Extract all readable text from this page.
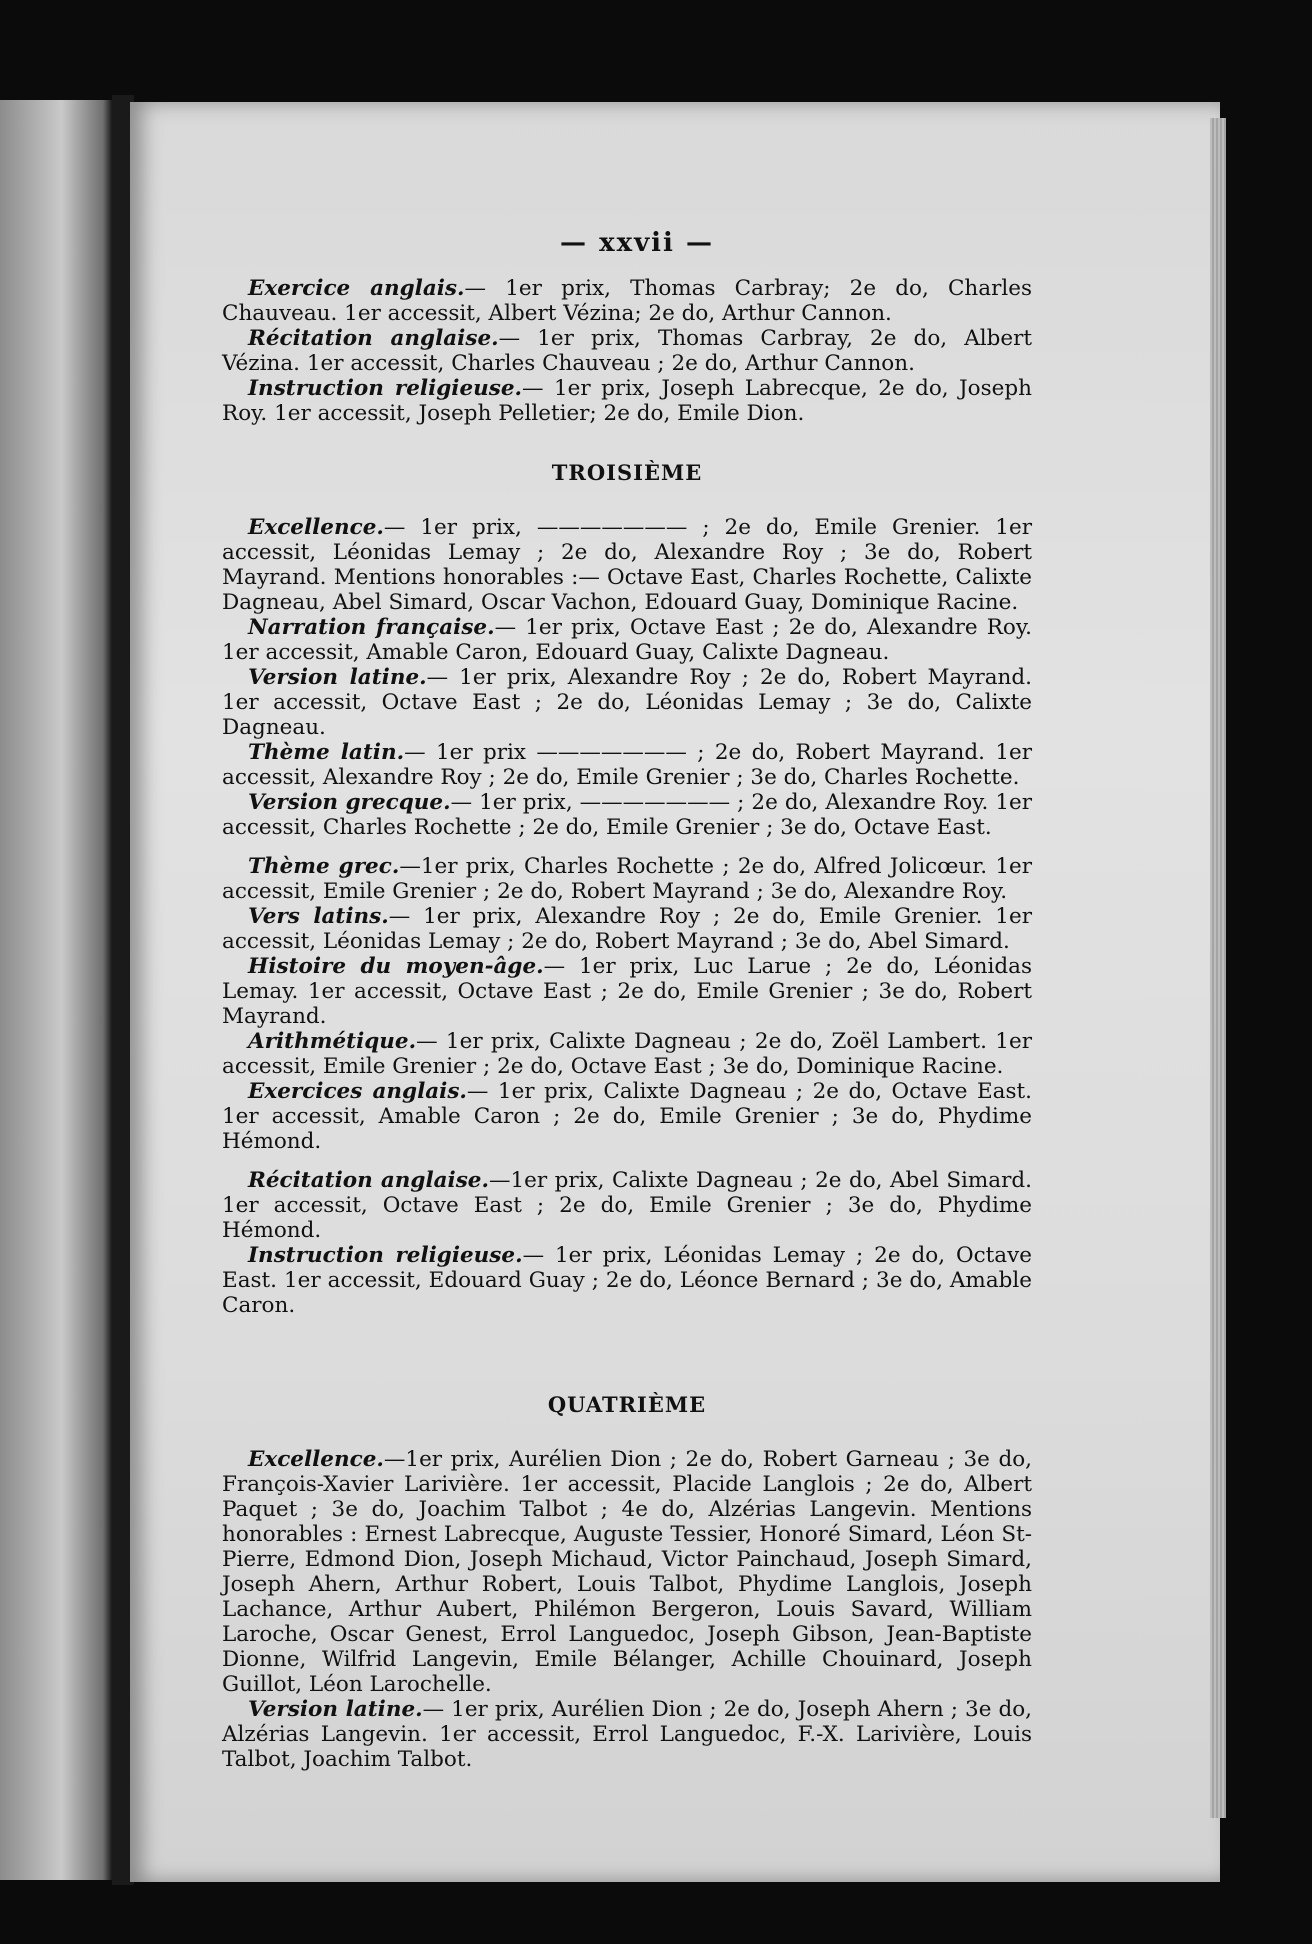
— xxvii —

Exercice anglais.— 1er prix, Thomas Carbray; 2e do, Charles Chauveau. 1er accessit, Albert Vézina; 2e do, Arthur Cannon.

Récitation anglaise.— 1er prix, Thomas Carbray, 2e do, Albert Vézina. 1er accessit, Charles Chauveau ; 2e do, Arthur Cannon.

Instruction religieuse.— 1er prix, Joseph Labrecque, 2e do, Joseph Roy. 1er accessit, Joseph Pelletier; 2e do, Emile Dion.

TROISIÈME

Excellence.— 1er prix, ——————— ; 2e do, Emile Grenier. 1er accessit, Léonidas Lemay ; 2e do, Alexandre Roy ; 3e do, Robert Mayrand. Mentions honorables :— Octave East, Charles Rochette, Calixte Dagneau, Abel Simard, Oscar Vachon, Edouard Guay, Dominique Racine.

Narration française.— 1er prix, Octave East ; 2e do, Alexandre Roy. 1er accessit, Amable Caron, Edouard Guay, Calixte Dagneau.

Version latine.— 1er prix, Alexandre Roy ; 2e do, Robert Mayrand. 1er accessit, Octave East ; 2e do, Léonidas Lemay ; 3e do, Calixte Dagneau.

Thème latin.— 1er prix ——————— ; 2e do, Robert Mayrand. 1er accessit, Alexandre Roy ; 2e do, Emile Grenier ; 3e do, Charles Rochette.

Version grecque.— 1er prix, ——————— ; 2e do, Alexandre Roy. 1er accessit, Charles Rochette ; 2e do, Emile Grenier ; 3e do, Octave East.

Thème grec.—1er prix, Charles Rochette ; 2e do, Alfred Jolicœur. 1er accessit, Emile Grenier ; 2e do, Robert Mayrand ; 3e do, Alexandre Roy.

Vers latins.— 1er prix, Alexandre Roy ; 2e do, Emile Grenier. 1er accessit, Léonidas Lemay ; 2e do, Robert Mayrand ; 3e do, Abel Simard.

Histoire du moyen-âge.— 1er prix, Luc Larue ; 2e do, Léonidas Lemay. 1er accessit, Octave East ; 2e do, Emile Grenier ; 3e do, Robert Mayrand.

Arithmétique.— 1er prix, Calixte Dagneau ; 2e do, Zoël Lambert. 1er accessit, Emile Grenier ; 2e do, Octave East ; 3e do, Dominique Racine.

Exercices anglais.— 1er prix, Calixte Dagneau ; 2e do, Octave East. 1er accessit, Amable Caron ; 2e do, Emile Grenier ; 3e do, Phydime Hémond.

Récitation anglaise.—1er prix, Calixte Dagneau ; 2e do, Abel Simard. 1er accessit, Octave East ; 2e do, Emile Grenier ; 3e do, Phydime Hémond.

Instruction religieuse.— 1er prix, Léonidas Lemay ; 2e do, Octave East. 1er accessit, Edouard Guay ; 2e do, Léonce Bernard ; 3e do, Amable Caron.

QUATRIÈME

Excellence.—1er prix, Aurélien Dion ; 2e do, Robert Garneau ; 3e do, François-Xavier Larivière. 1er accessit, Placide Langlois ; 2e do, Albert Paquet ; 3e do, Joachim Talbot ; 4e do, Alzérias Langevin. Mentions honorables : Ernest Labrecque, Auguste Tessier, Honoré Simard, Léon St-Pierre, Edmond Dion, Joseph Michaud, Victor Painchaud, Joseph Simard, Joseph Ahern, Arthur Robert, Louis Talbot, Phydime Langlois, Joseph Lachance, Arthur Aubert, Philémon Bergeron, Louis Savard, William Laroche, Oscar Genest, Errol Languedoc, Joseph Gibson, Jean-Baptiste Dionne, Wilfrid Langevin, Emile Bélanger, Achille Chouinard, Joseph Guillot, Léon Larochelle.

Version latine.— 1er prix, Aurélien Dion ; 2e do, Joseph Ahern ; 3e do, Alzérias Langevin. 1er accessit, Errol Languedoc, F.-X. Larivière, Louis Talbot, Joachim Talbot.
